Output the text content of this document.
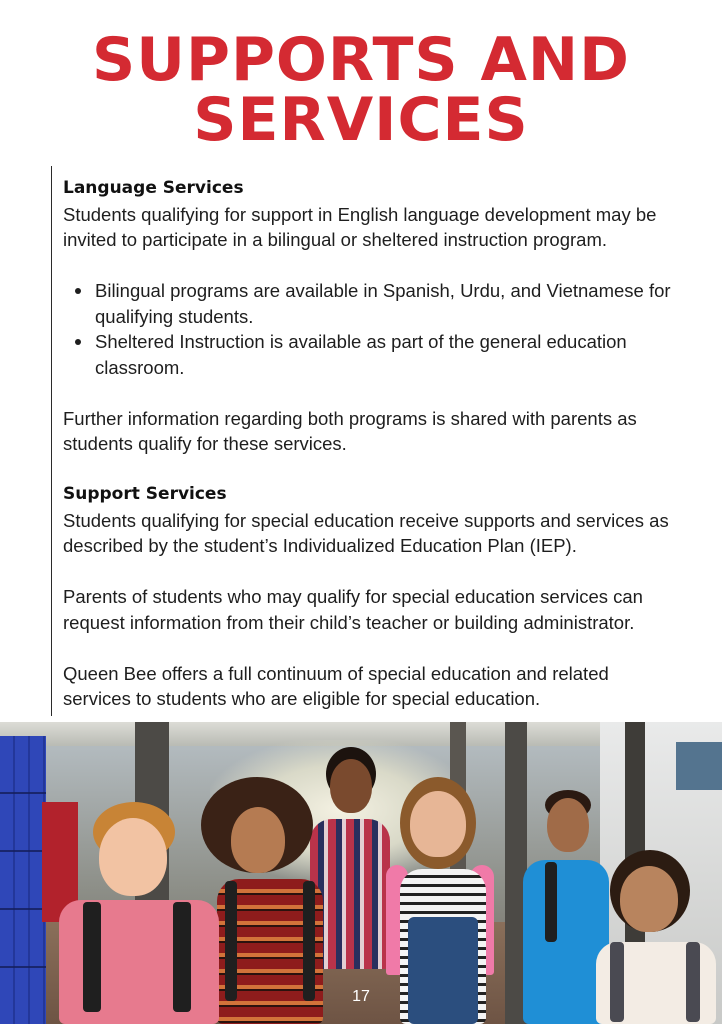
SUPPORTS AND
SERVICES
Language Services

Students qualifying for support in English language development may be invited to participate in a bilingual or sheltered instruction program.

Bilingual programs are available in Spanish, Urdu, and Vietnamese for qualifying students.
Sheltered Instruction is available as part of the general education classroom.

Further information regarding both programs is shared with parents as students qualify for these services.

Support Services

Students qualifying for special education receive supports and services as described by the student’s Individualized Education Plan (IEP).

Parents of students who may qualify for special education services can request information from their child’s teacher or building administrator.

Queen Bee offers a full continuum of special education and related services to students who are eligible for special education.

17
